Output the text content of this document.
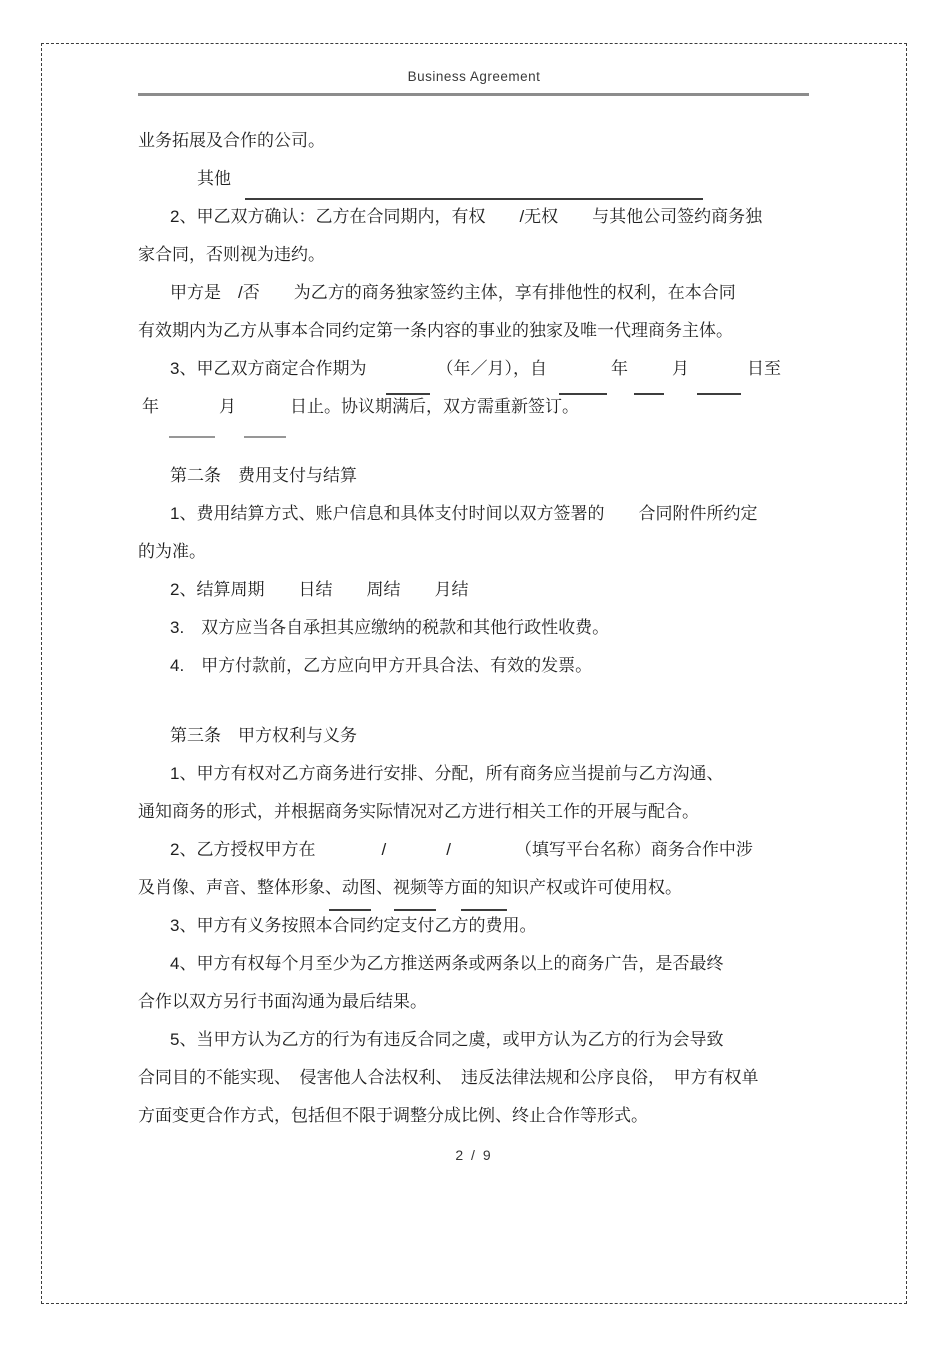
Business Agreement
业务拓展及合作的公司。
其他
2、甲乙双方确认：乙方在合同期内，有权　　/无权　　与其他公司签约商务独
家合同，否则视为违约。
甲方是　/否　　为乙方的商务独家签约主体，享有排他性的权利，在本合同
有效期内为乙方从事本合同约定第一条内容的事业的独家及唯一代理商务主体。
3、甲乙双方商定合作期为	（年／月），自	年	月	日至
年	月	日止。协议期满后，双方需重新签订。
第二条　费用支付与结算
1、费用结算方式、账户信息和具体支付时间以双方签署的　　合同附件所约定
的为准。
2、结算周期　　日结　　周结　　月结
3.　双方应当各自承担其应缴纳的税款和其他行政性收费。
4.　甲方付款前，乙方应向甲方开具合法、有效的发票。
第三条　甲方权利与义务
1、甲方有权对乙方商务进行安排、分配，所有商务应当提前与乙方沟通、
通知商务的形式，并根据商务实际情况对乙方进行相关工作的开展与配合。
2、乙方授权甲方在	/	/	（填写平台名称）商务合作中涉
及肖像、声音、整体形象、动图、视频等方面的知识产权或许可使用权。
3、甲方有义务按照本合同约定支付乙方的费用。
4、甲方有权每个月至少为乙方推送两条或两条以上的商务广告，是否最终
合作以双方另行书面沟通为最后结果。
5、当甲方认为乙方的行为有违反合同之虞，或甲方认为乙方的行为会导致
合同目的不能实现、　侵害他人合法权利、　违反法律法规和公序良俗，　甲方有权单
方面变更合作方式，包括但不限于调整分成比例、终止合作等形式。
2 / 9
